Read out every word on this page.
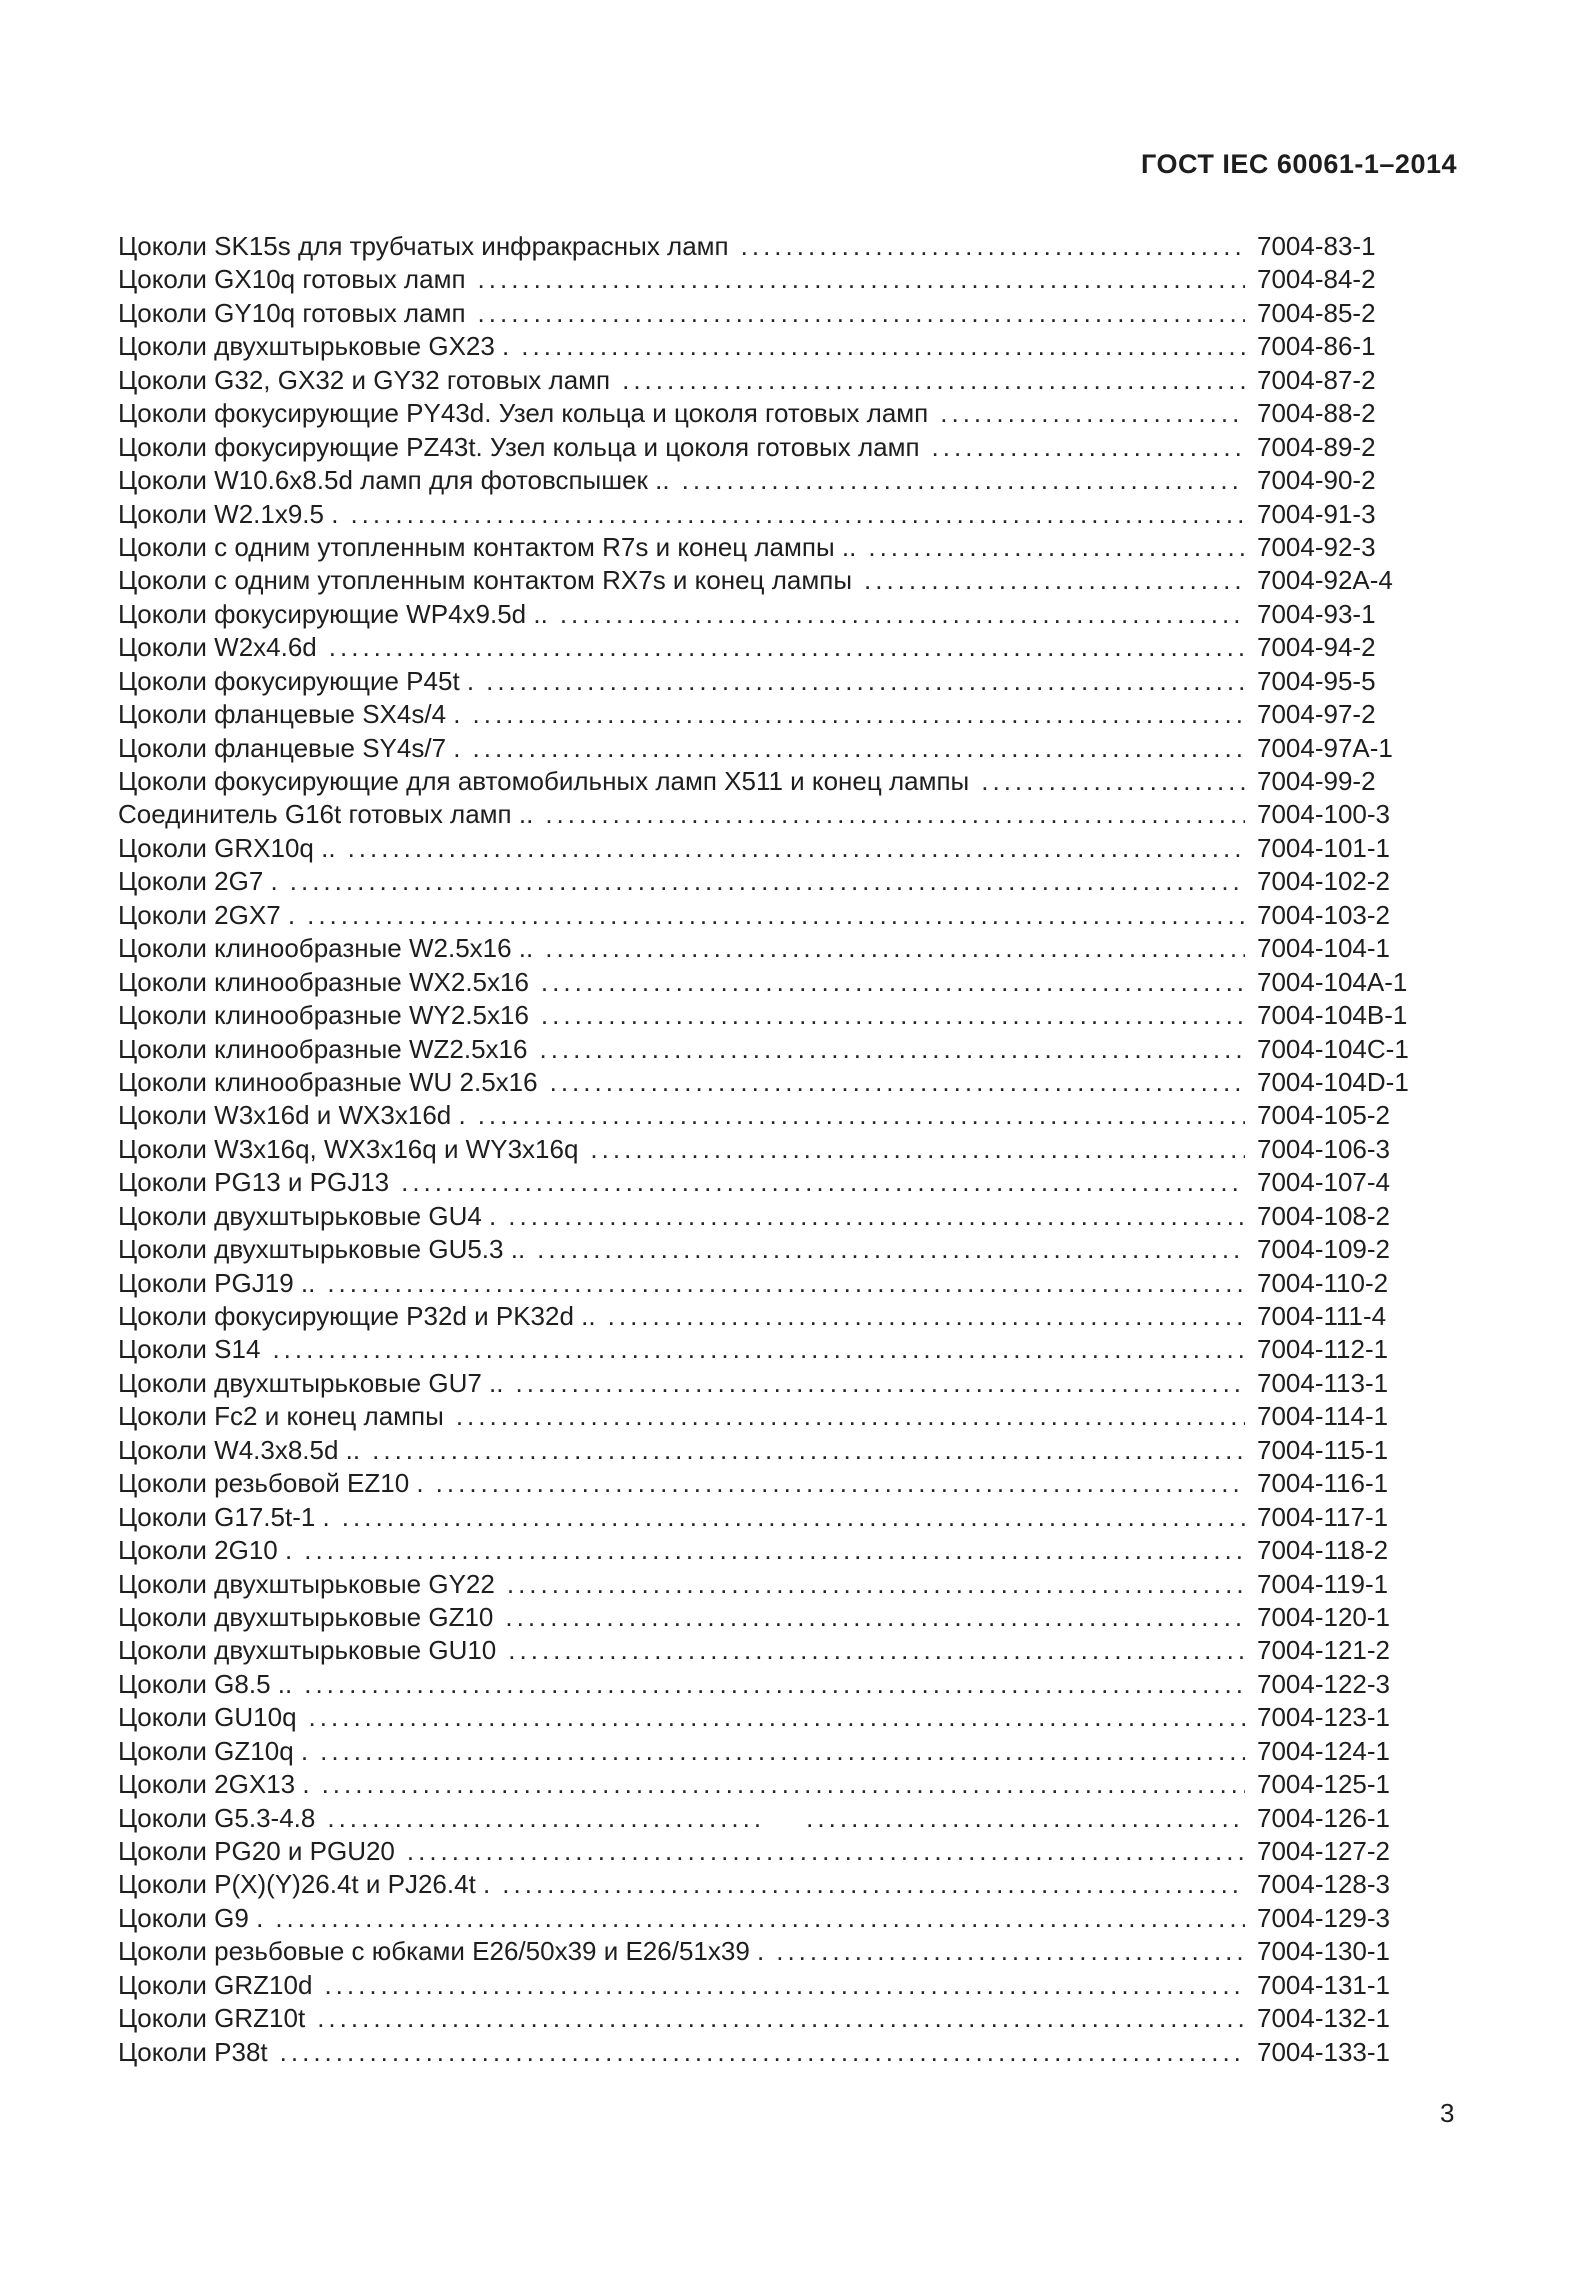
ГОСТ IEC 60061-1–2014
Цоколи SK15s для трубчатых инфракрасных ламп .....	7004-83-1
Цоколи GX10q готовых ламп .....	7004-84-2
Цоколи GY10q готовых ламп .....	7004-85-2
Цоколи двухштырьковые GX23 . .....	7004-86-1
Цоколи G32, GX32 и GY32 готовых ламп .....	7004-87-2
Цоколи фокусирующие PY43d. Узел кольца и цоколя готовых ламп .....	7004-88-2
Цоколи фокусирующие PZ43t. Узел кольца и цоколя готовых ламп .....	7004-89-2
Цоколи W10.6x8.5d ламп для фотовспышек .. .....	7004-90-2
Цоколи W2.1x9.5 . .....	7004-91-3
Цоколи с одним утопленным контактом R7s и конец лампы .. .....	7004-92-3
Цоколи с одним утопленным контактом RX7s и конец лампы .....	7004-92A-4
Цоколи фокусирующие WP4x9.5d .. .....	7004-93-1
Цоколи W2x4.6d .....	7004-94-2
Цоколи фокусирующие P45t . .....	7004-95-5
Цоколи фланцевые SX4s/4 . .....	7004-97-2
Цоколи фланцевые SY4s/7 . .....	7004-97A-1
Цоколи фокусирующие для автомобильных ламп X511 и конец лампы .....	7004-99-2
Соединитель G16t готовых ламп .. .....	7004-100-3
Цоколи GRX10q .. .....	7004-101-1
Цоколи 2G7 . .....	7004-102-2
Цоколи 2GX7 . .....	7004-103-2
Цоколи клинообразные W2.5x16 .. .....	7004-104-1
Цоколи клинообразные WX2.5x16 .....	7004-104A-1
Цоколи клинообразные WY2.5x16 .....	7004-104B-1
Цоколи клинообразные WZ2.5x16 .....	7004-104C-1
Цоколи клинообразные WU 2.5x16 .....	7004-104D-1
Цоколи W3x16d и WX3x16d . .....	7004-105-2
Цоколи W3x16q, WX3x16q и WY3x16q .....	7004-106-3
Цоколи PG13 и PGJ13 .....	7004-107-4
Цоколи двухштырьковые GU4 . .....	7004-108-2
Цоколи двухштырьковые GU5.3 .. .....	7004-109-2
Цоколи PGJ19 .. .....	7004-110-2
Цоколи фокусирующие P32d и PK32d .. .....	7004-111-4
Цоколи S14 .....	7004-112-1
Цоколи двухштырьковые GU7 .. .....	7004-113-1
Цоколи Fc2 и конец лампы .....	7004-114-1
Цоколи W4.3x8.5d .. .....	7004-115-1
Цоколи резьбовой EZ10 . .....	7004-116-1
Цоколи G17.5t-1 . .....	7004-117-1
Цоколи 2G10 . .....	7004-118-2
Цоколи двухштырьковые GY22 .....	7004-119-1
Цоколи двухштырьковые GZ10 .....	7004-120-1
Цоколи двухштырьковые GU10 .....	7004-121-2
Цоколи G8.5 .. .....	7004-122-3
Цоколи GU10q .....	7004-123-1
Цоколи GZ10q . .....	7004-124-1
Цоколи 2GX13 . .....	7004-125-1
Цоколи G5.3-4.8 ..... .....	7004-126-1
Цоколи PG20 и PGU20 .....	7004-127-2
Цоколи P(X)(Y)26.4t и PJ26.4t . .....	7004-128-3
Цоколи G9 . .....	7004-129-3
Цоколи резьбовые с юбками E26/50x39 и E26/51x39 . .....	7004-130-1
Цоколи GRZ10d .....	7004-131-1
Цоколи GRZ10t .....	7004-132-1
Цоколи P38t .....	7004-133-1
3
